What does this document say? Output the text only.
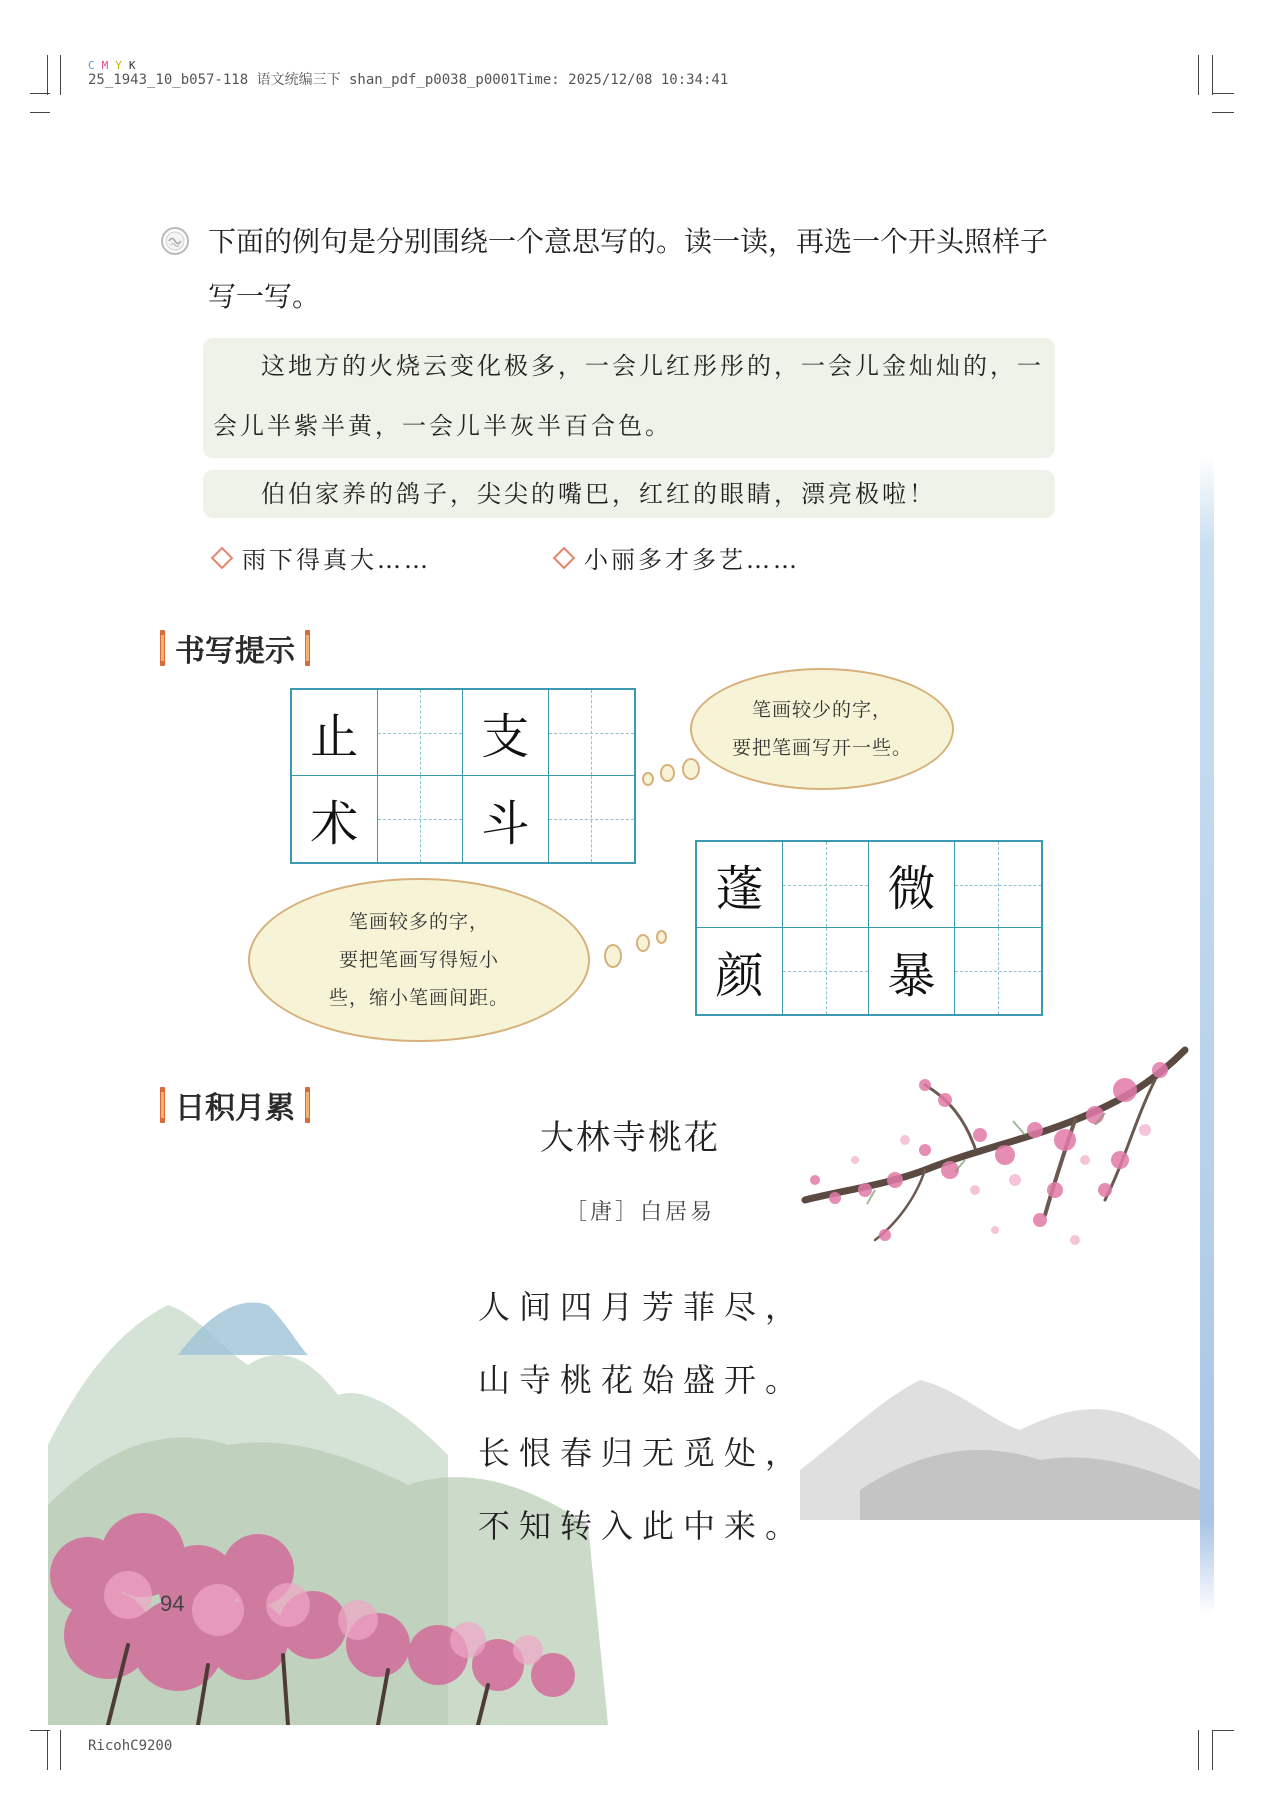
C M Y K
25_1943_10_b057-118 语文统编三下 shan_pdf_p0038_p0001Time: 2025/12/08 10:34:41
下面的例句是分别围绕一个意思写的。读一读，再选一个开头照样子写一写。
这地方的火烧云变化极多，一会儿红彤彤的，一会儿金灿灿的，一会儿半紫半黄，一会儿半灰半百合色。
伯伯家养的鸽子，尖尖的嘴巴，红红的眼睛，漂亮极啦！
雨下得真大……	小丽多才多艺……
书写提示
止	支
术	斗
笔画较少的字，
要把笔画写开一些。
蓬	微
颜	暴
笔画较多的字，
要把笔画写得短小
些，缩小笔画间距。
日积月累
大林寺桃花
［唐］白居易
人间四月芳菲尽，
山寺桃花始盛开。
长恨春归无觅处，
不知转入此中来。
94
RicohC9200
